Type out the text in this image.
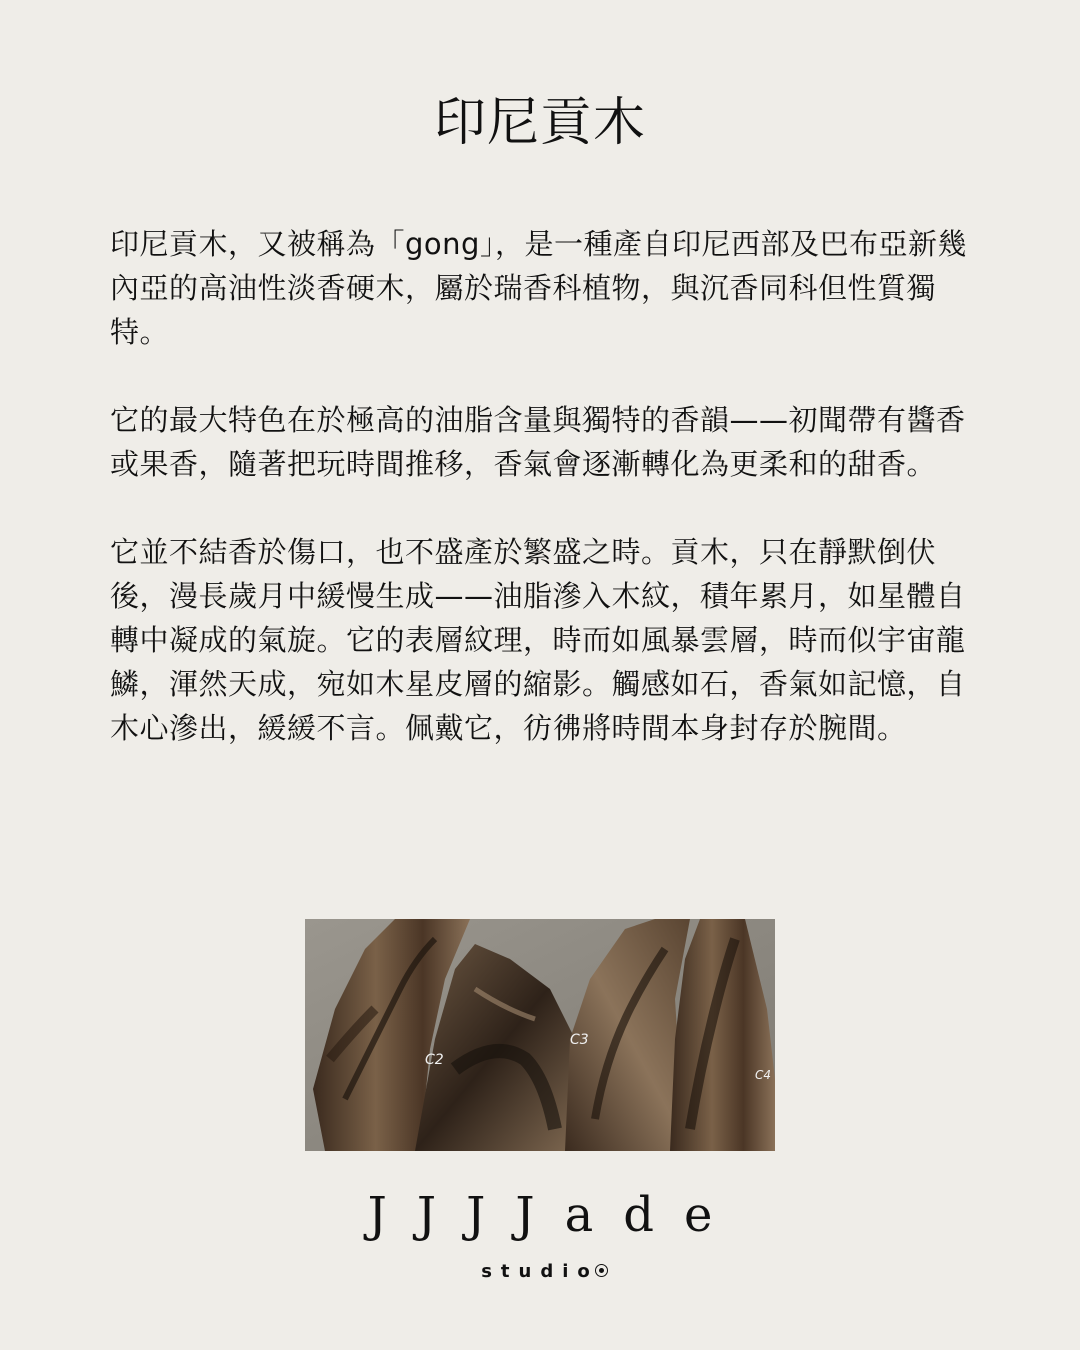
印尼貢木

印尼貢木，又被稱為「gong」，是一種產自印尼西部及巴布亞新幾內亞的高油性淡香硬木，屬於瑞香科植物，與沉香同科但性質獨特。

它的最大特色在於極高的油脂含量與獨特的香韻——初聞帶有醬香或果香，隨著把玩時間推移，香氣會逐漸轉化為更柔和的甜香。

它並不結香於傷口，也不盛產於繁盛之時。貢木，只在靜默倒伏後，漫長歲月中緩慢生成——油脂滲入木紋，積年累月，如星體自轉中凝成的氣旋。它的表層紋理，時而如風暴雲層，時而似宇宙龍鱗，渾然天成，宛如木星皮層的縮影。觸感如石，香氣如記憶，自木心滲出，緩緩不言。佩戴它，彷彿將時間本身封存於腕間。

C2
C3
C4
JJJJade
studio
